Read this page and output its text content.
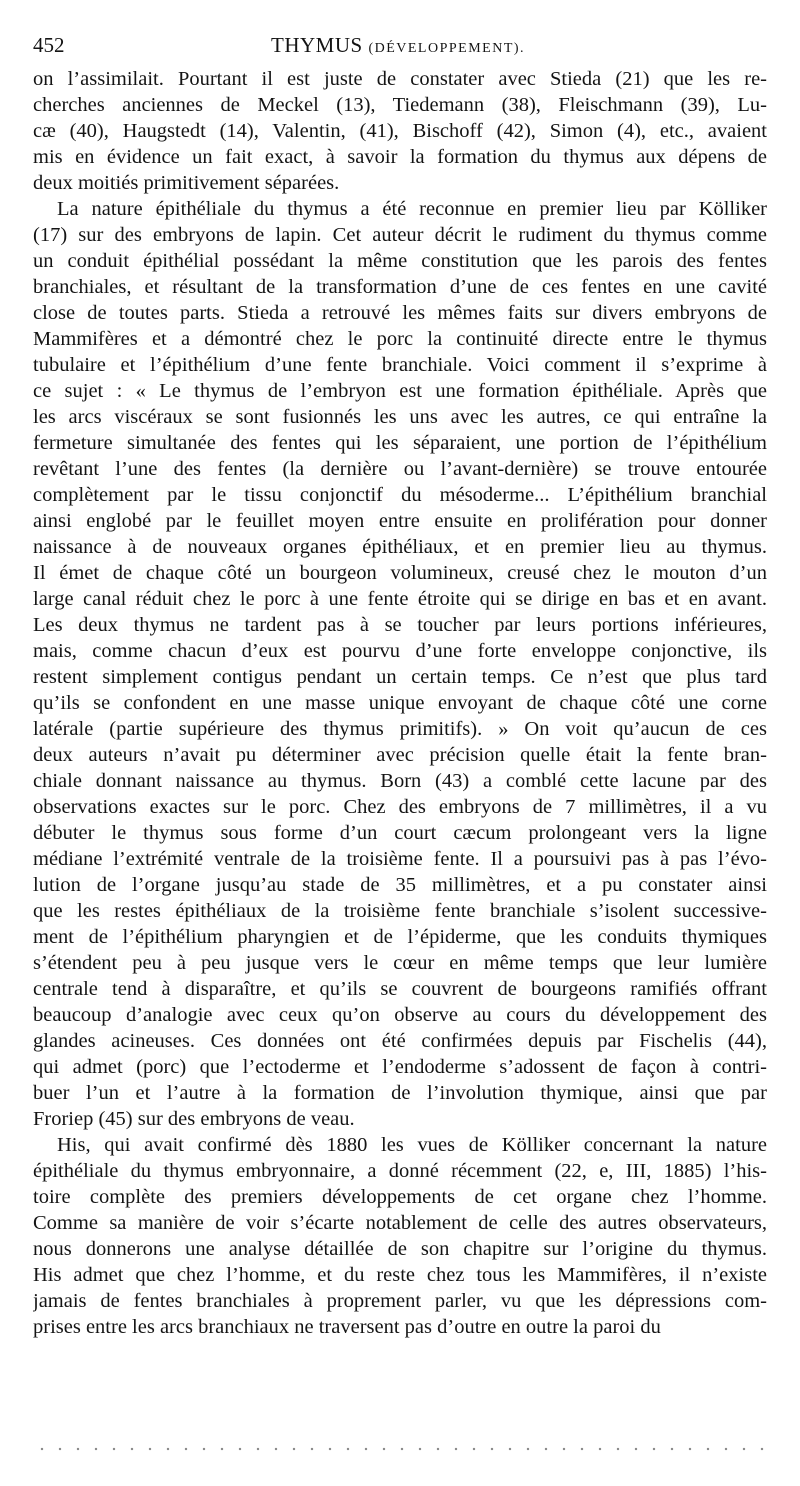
452	THYMUS (DÉVELOPPEMENT).
on l’assimilait. Pourtant il est juste de constater avec Stieda (21) que les re-
cherches anciennes de Meckel (13), Tiedemann (38), Fleischmann (39), Lu-
cæ (40), Haugstedt (14), Valentin, (41), Bischoff (42), Simon (4), etc., avaient
mis en évidence un fait exact, à savoir la formation du thymus aux dépens de
deux moitiés primitivement séparées.
La nature épithéliale du thymus a été reconnue en premier lieu par Kölliker
(17) sur des embryons de lapin. Cet auteur décrit le rudiment du thymus comme
un conduit épithélial possédant la même constitution que les parois des fentes
branchiales, et résultant de la transformation d’une de ces fentes en une cavité
close de toutes parts. Stieda a retrouvé les mêmes faits sur divers embryons de
Mammifères et a démontré chez le porc la continuité directe entre le thymus
tubulaire et l’épithélium d’une fente branchiale. Voici comment il s’exprime à
ce sujet : « Le thymus de l’embryon est une formation épithéliale. Après que
les arcs viscéraux se sont fusionnés les uns avec les autres, ce qui entraîne la
fermeture simultanée des fentes qui les séparaient, une portion de l’épithélium
revêtant l’une des fentes (la dernière ou l’avant-dernière) se trouve entourée
complètement par le tissu conjonctif du mésoderme... L’épithélium branchial
ainsi englobé par le feuillet moyen entre ensuite en prolifération pour donner
naissance à de nouveaux organes épithéliaux, et en premier lieu au thymus.
Il émet de chaque côté un bourgeon volumineux, creusé chez le mouton d’un
large canal réduit chez le porc à une fente étroite qui se dirige en bas et en avant.
Les deux thymus ne tardent pas à se toucher par leurs portions inférieures,
mais, comme chacun d’eux est pourvu d’une forte enveloppe conjonctive, ils
restent simplement contigus pendant un certain temps. Ce n’est que plus tard
qu’ils se confondent en une masse unique envoyant de chaque côté une corne
latérale (partie supérieure des thymus primitifs). » On voit qu’aucun de ces
deux auteurs n’avait pu déterminer avec précision quelle était la fente bran-
chiale donnant naissance au thymus. Born (43) a comblé cette lacune par des
observations exactes sur le porc. Chez des embryons de 7 millimètres, il a vu
débuter le thymus sous forme d’un court cæcum prolongeant vers la ligne
médiane l’extrémité ventrale de la troisième fente. Il a poursuivi pas à pas l’évo-
lution de l’organe jusqu’au stade de 35 millimètres, et a pu constater ainsi
que les restes épithéliaux de la troisième fente branchiale s’isolent successive-
ment de l’épithélium pharyngien et de l’épiderme, que les conduits thymiques
s’étendent peu à peu jusque vers le cœur en même temps que leur lumière
centrale tend à disparaître, et qu’ils se couvrent de bourgeons ramifiés offrant
beaucoup d’analogie avec ceux qu’on observe au cours du développement des
glandes acineuses. Ces données ont été confirmées depuis par Fischelis (44),
qui admet (porc) que l’ectoderme et l’endoderme s’adossent de façon à contri-
buer l’un et l’autre à la formation de l’involution thymique, ainsi que par
Froriep (45) sur des embryons de veau.
His, qui avait confirmé dès 1880 les vues de Kölliker concernant la nature
épithéliale du thymus embryonnaire, a donné récemment (22, e, III, 1885) l’his-
toire complète des premiers développements de cet organe chez l’homme.
Comme sa manière de voir s’écarte notablement de celle des autres observateurs,
nous donnerons une analyse détaillée de son chapitre sur l’origine du thymus.
His admet que chez l’homme, et du reste chez tous les Mammifères, il n’existe
jamais de fentes branchiales à proprement parler, vu que les dépressions com-
prises entre les arcs branchiaux ne traversent pas d’outre en outre la paroi du
